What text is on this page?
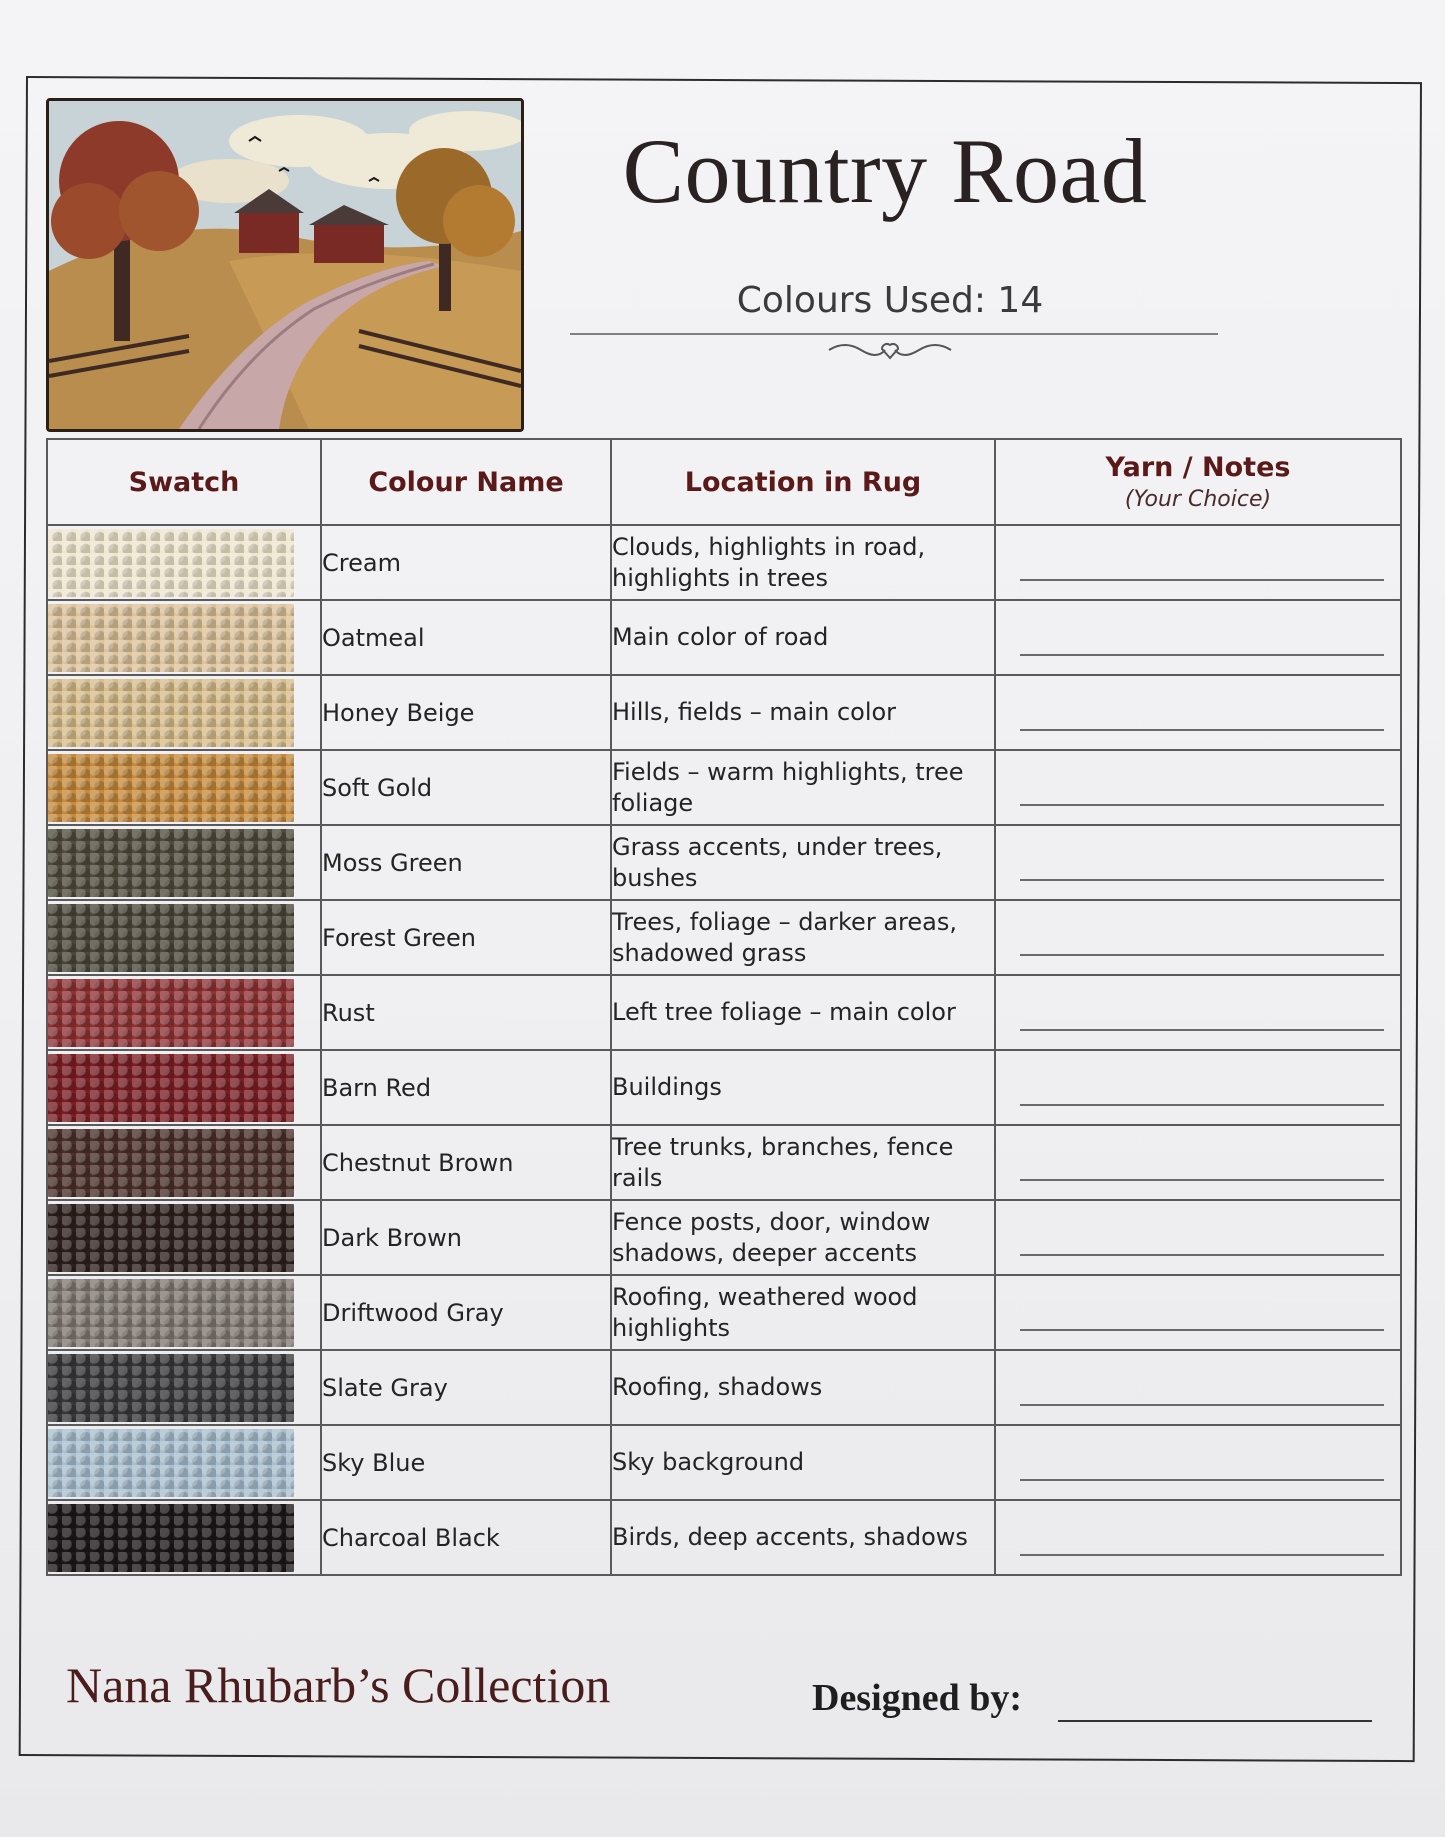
Country Road
Colours Used: 14
Swatch	Colour Name	Location in Rug	Yarn / Notes
(Your Choice)

	Cream	Clouds, highlights in road, highlights in trees	

	Oatmeal	Main color of road	

	Honey Beige	Hills, fields – main color	

	Soft Gold	Fields – warm highlights, tree foliage	

	Moss Green	Grass accents, under trees, bushes	

	Forest Green	Trees, foliage – darker areas, shadowed grass	

	Rust	Left tree foliage – main color	

	Barn Red	Buildings	

	Chestnut Brown	Tree trunks, branches, fence rails	

	Dark Brown	Fence posts, door, window shadows, deeper accents	

	Driftwood Gray	Roofing, weathered wood highlights	

	Slate Gray	Roofing, shadows	

	Sky Blue	Sky background	

	Charcoal Black	Birds, deep accents, shadows	
Nana Rhubarb’s Collection	Designed by:
